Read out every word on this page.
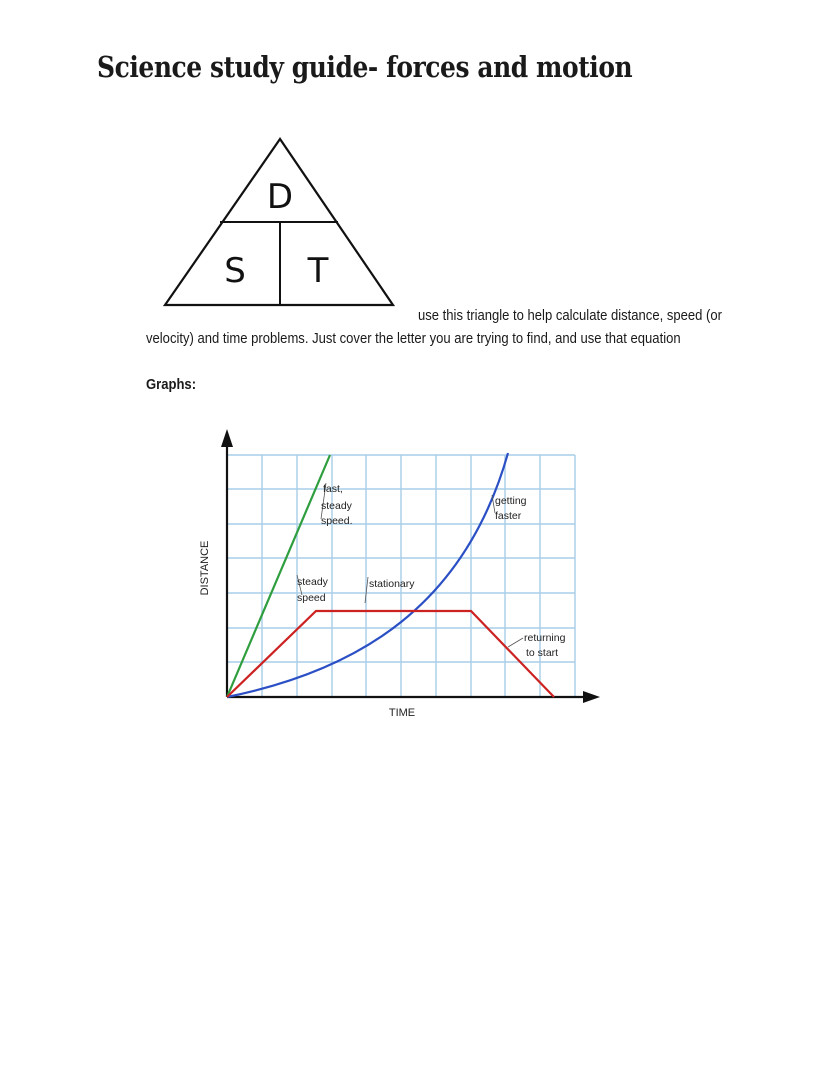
Science study guide- forces and motion
D
S T
use this triangle to help calculate distance, speed (or
velocity) and time problems. Just cover the letter you are trying to find, and use that equation
Graphs:
DISTANCE
TIME
fast,
steady
speed.
steady
speed
stationary
getting
faster
returning
to start
